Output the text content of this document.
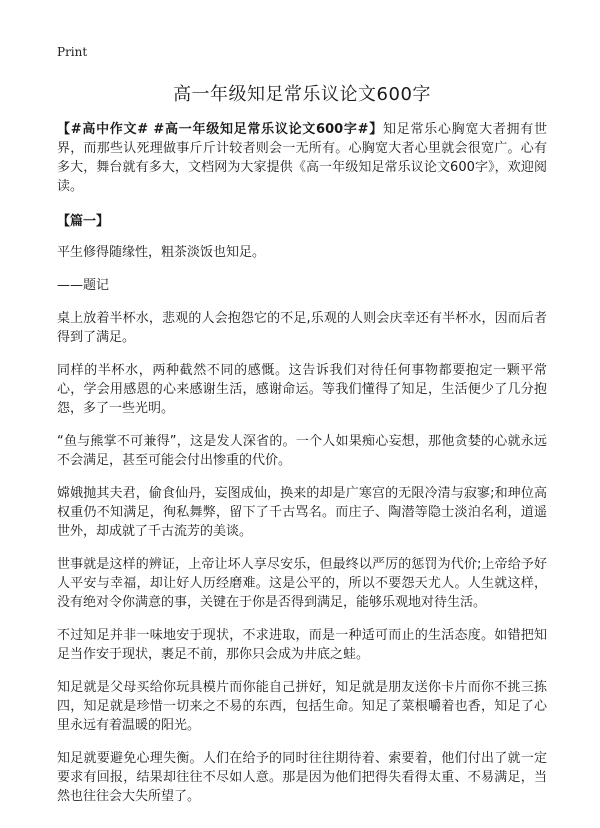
Print
高一年级知足常乐议论文600字

【#高中作文# #高一年级知足常乐议论文600字#】知足常乐心胸宽大者拥有世界，而那些认死理做事斤斤计较者则会一无所有。心胸宽大者心里就会很宽广。心有多大，舞台就有多大，文档网为大家提供《高一年级知足常乐议论文600字》，欢迎阅读。

【篇一】

平生修得随缘性，粗茶淡饭也知足。

——题记

桌上放着半杯水，悲观的人会抱怨它的不足,乐观的人则会庆幸还有半杯水，因而后者得到了满足。

同样的半杯水，两种截然不同的感慨。这告诉我们对待任何事物都要抱定一颗平常心，学会用感恩的心来感谢生活，感谢命运。等我们懂得了知足，生活便少了几分抱怨，多了一些光明。

“鱼与熊掌不可兼得”，这是发人深省的。一个人如果痴心妄想，那他贪婪的心就永远不会满足，甚至可能会付出惨重的代价。

嫦娥抛其夫君，偷食仙丹，妄图成仙，换来的却是广寒宫的无限冷清与寂寥;和珅位高权重仍不知满足，徇私舞弊，留下了千古骂名。而庄子、陶潜等隐士淡泊名利，道遥世外，却成就了千古流芳的美谈。

世事就是这样的辨证，上帝让坏人享尽安乐，但最终以严厉的惩罚为代价;上帝给予好人平安与幸福，却让好人历经磨难。这是公平的，所以不要怨天尤人。人生就这样，没有绝对令你满意的事，关键在于你是否得到满足，能够乐观地对待生活。

不过知足并非一味地安于现状，不求进取，而是一种适可而止的生活态度。如错把知足当作安于现状，裹足不前，那你只会成为井底之蛙。

知足就是父母买给你玩具模片而你能自己拼好，知足就是朋友送你卡片而你不挑三拣四，知足就是珍惜一切来之不易的东西，包括生命。知足了菜根嚼着也香，知足了心里永远有着温暖的阳光。

知足就要避免心理失衡。人们在给予的同时往往期待着、索要着，他们付出了就一定要求有回报，结果却往往不尽如人意。那是因为他们把得失看得太重、不易满足，当然也往往会大失所望了。
